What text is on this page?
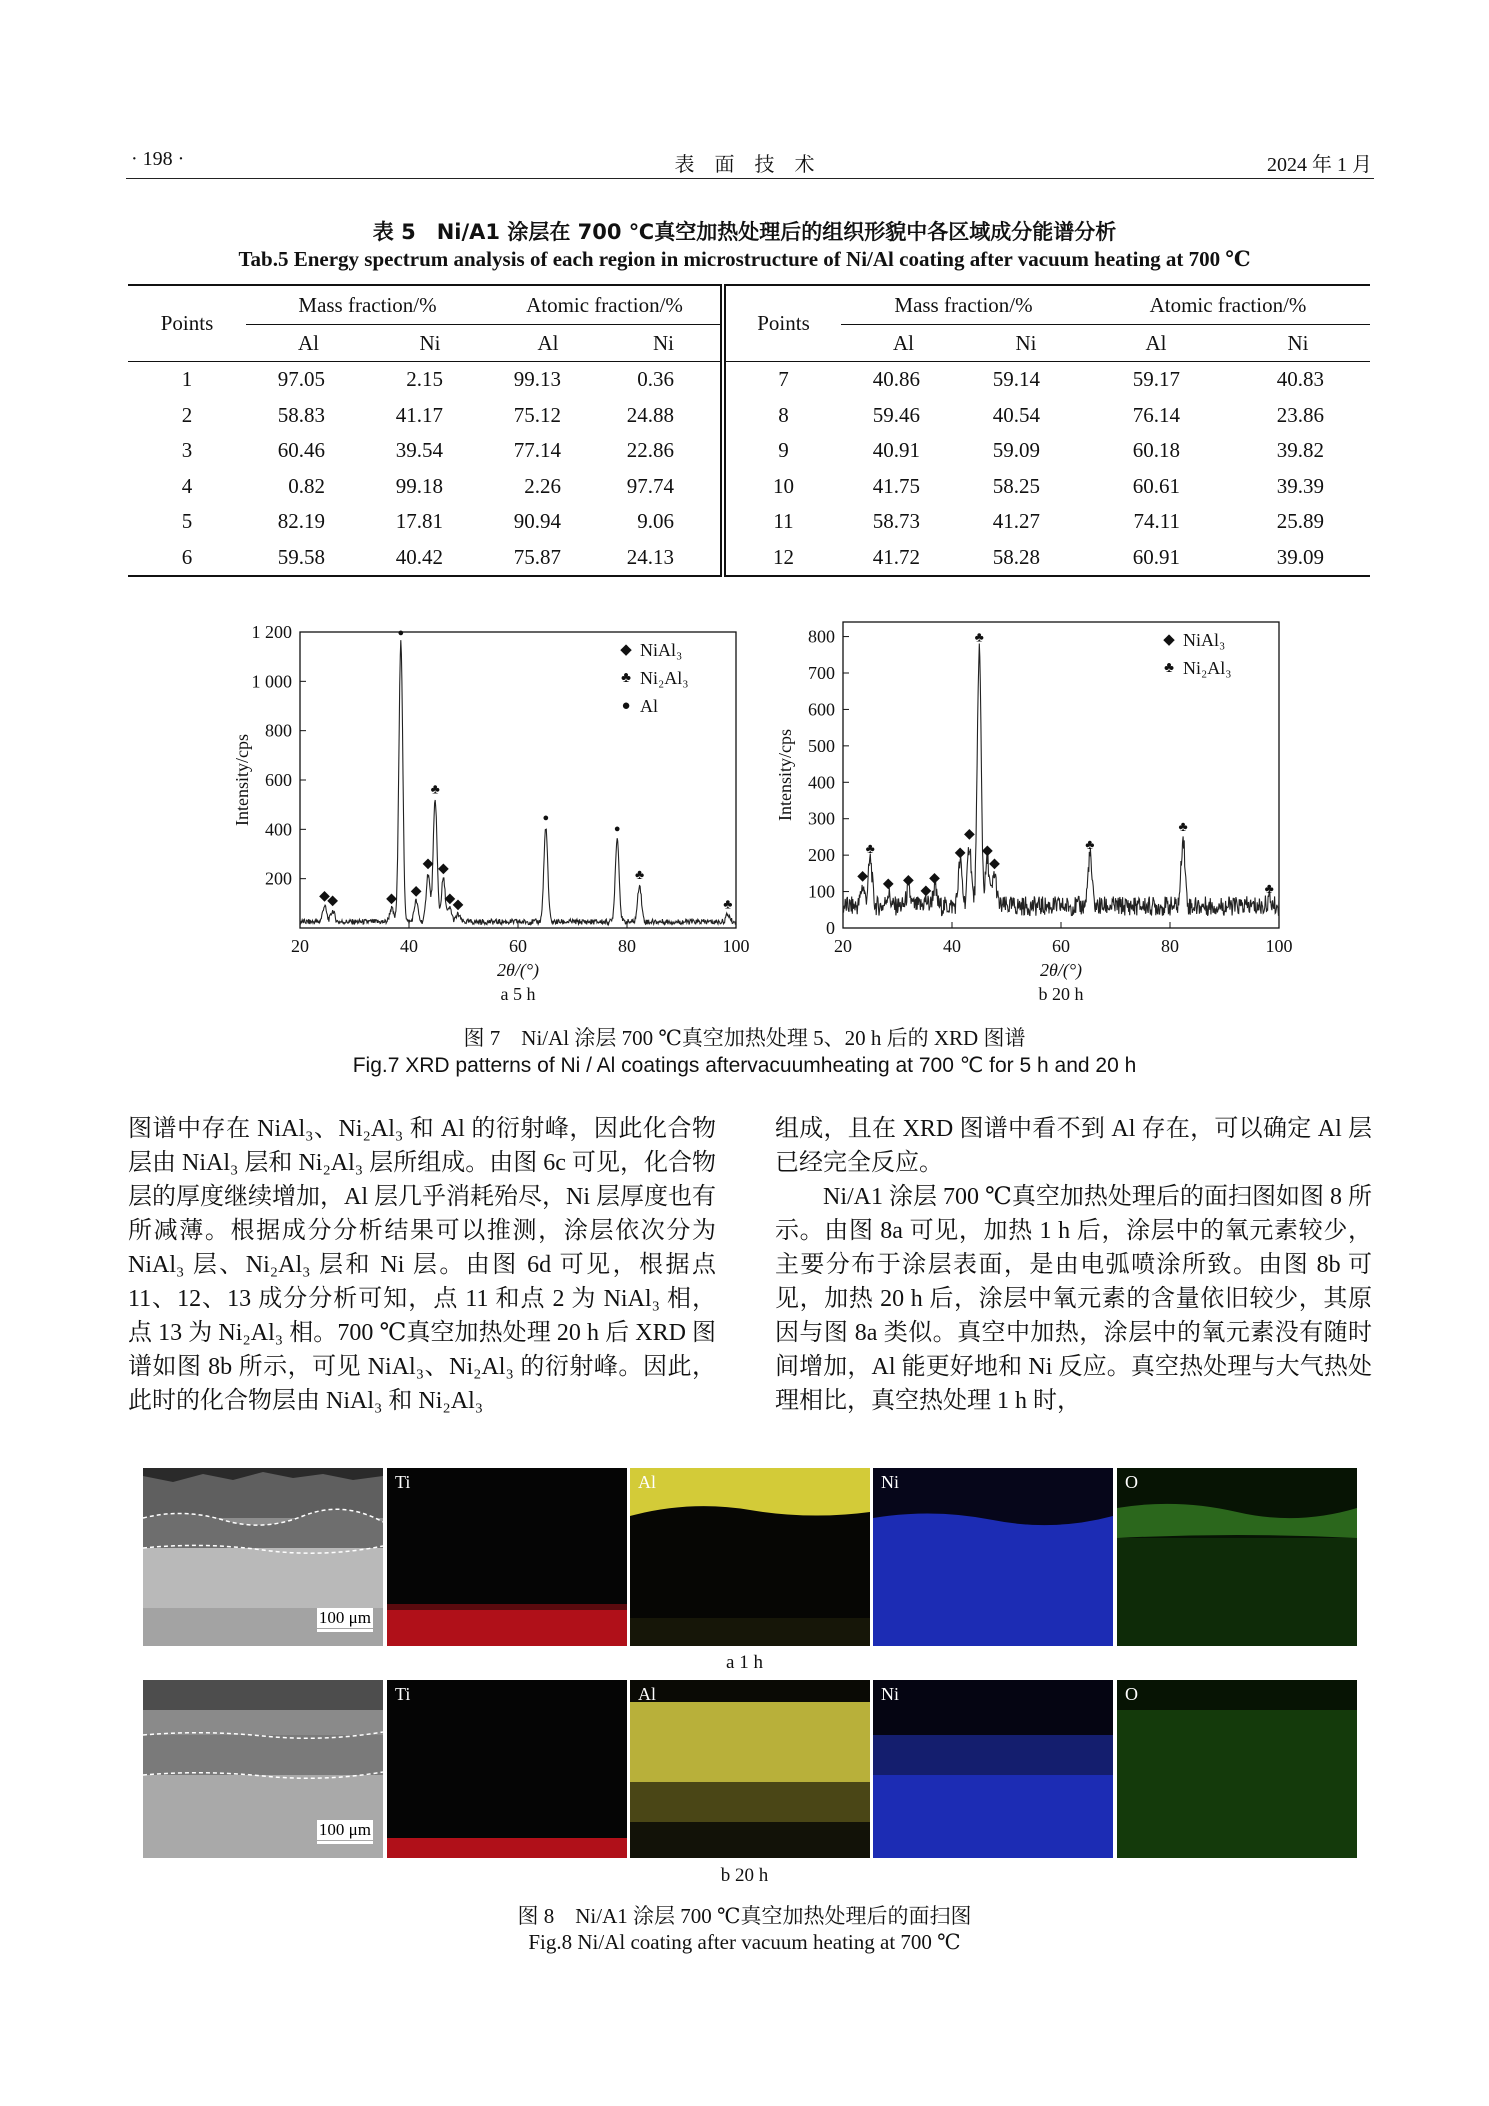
· 198 ·	表　面　技　术	2024 年 1 月
表 5　Ni/A1 涂层在 700 ℃真空加热处理后的组织形貌中各区域成分能谱分析
Tab.5 Energy spectrum analysis of each region in microstructure of Ni/Al coating after vacuum heating at 700 ℃
Points	Mass fraction/%		Atomic fraction/%		Points	Mass fraction/%		Atomic fraction/%	
	Al	Ni	Al	Ni		Al	Ni	Al	Ni
1	97.05	2.15	99.13	0.36	7	40.86	59.14	59.17	40.83
2	58.83	41.17	75.12	24.88	8	59.46	40.54	76.14	23.86
3	60.46	39.54	77.14	22.86	9	40.91	59.09	60.18	39.82
4	0.82	99.18	2.26	97.74	10	41.75	58.25	60.61	39.39
5	82.19	17.81	90.94	9.06	11	58.73	41.27	74.11	25.89
6	59.58	40.42	75.87	24.13	12	41.72	58.28	60.91	39.09
20	40	60	80	100
200
400
600
800
1 000
1 200
2θ/(°)
Intensity/cps
a 5 h
◆
◆	◆
●
◆
◆
♣
◆
◆
◆
●
●
♣
♣
◆ NiAl₃
♣ Ni₂Al₃
● Al
20	40	60	80	100
0
100
200
300
400
500
600
700
800
2θ/(°)
Intensity/cps
b 20 h
◆
♣
◆ ◆
◆
◆
◆
◆
♣
◆
◆
♣
♣
♣
◆ NiAl₃
♣ Ni₂Al₃
图 7　Ni/Al 涂层 700 ℃真空加热处理 5、20 h 后的 XRD 图谱
Fig.7 XRD patterns of Ni / Al coatings aftervacuumheating at 700 ℃ for 5 h and 20 h

图谱中存在 NiAl₃、Ni₂Al₃ 和 Al 的衍射峰，因此化合物层由 NiAl₃ 层和 Ni₂Al₃ 层所组成。由图 6c 可见，化合物层的厚度继续增加，Al 层几乎消耗殆尽，Ni 层厚度也有所减薄。根据成分分析结果可以推测，涂层依次分为 NiAl₃ 层、Ni₂Al₃ 层和 Ni 层。由图 6d 可见，根据点 11、12、13 成分分析可知，点 11 和点 2 为 NiAl₃ 相，点 13 为 Ni₂Al₃ 相。700 ℃真空加热处理 20 h 后 XRD 图谱如图 8b 所示，可见 NiAl₃、Ni₂Al₃ 的衍射峰。因此，此时的化合物层由 NiAl₃ 和 Ni₂Al₃

组成，且在 XRD 图谱中看不到 Al 存在，可以确定 Al 层已经完全反应。

Ni/A1 涂层 700 ℃真空加热处理后的面扫图如图 8 所示。由图 8a 可见，加热 1 h 后，涂层中的氧元素较少，主要分布于涂层表面，是由电弧喷涂所致。由图 8b 可见，加热 20 h 后，涂层中氧元素的含量依旧较少，其原因与图 8a 类似。真空中加热，涂层中的氧元素没有随时间增加，Al 能更好地和 Ni 反应。真空热处理与大气热处理相比，真空热处理 1 h 时，

100 μm
Ti	Al	Ni	O
a 1 h
100 μm
Ti	Al	Ni	O
b 20 h
图 8　Ni/A1 涂层 700 ℃真空加热处理后的面扫图
Fig.8 Ni/Al coating after vacuum heating at 700 ℃
